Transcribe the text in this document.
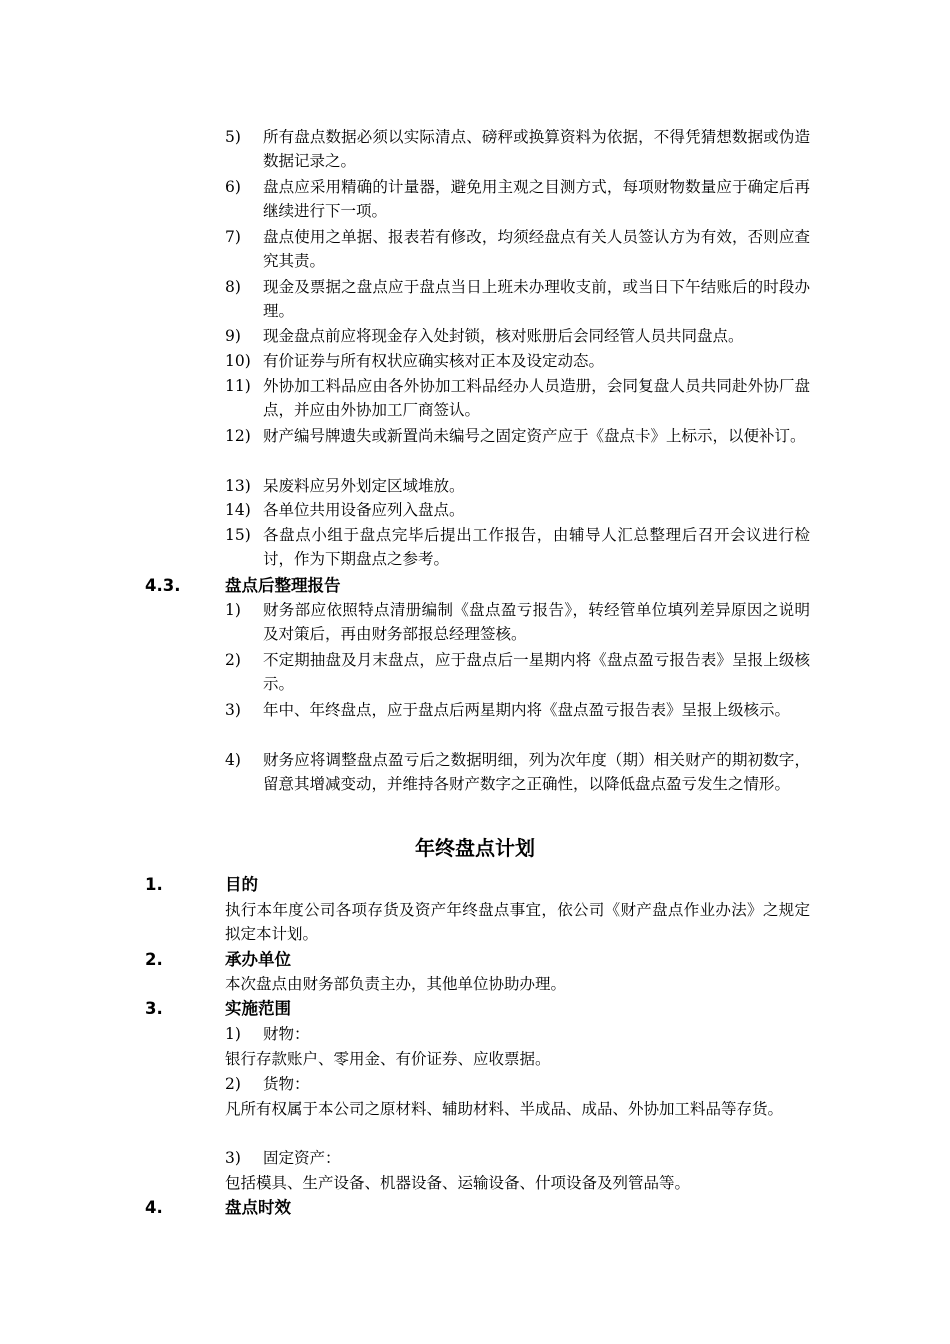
5)	所有盘点数据必须以实际清点、磅秤或换算资料为依据，不得凭猜想数据或伪造数据记录之。
6)	盘点应采用精确的计量器，避免用主观之目测方式，每项财物数量应于确定后再继续进行下一项。
7)	盘点使用之单据、报表若有修改，均须经盘点有关人员签认方为有效，否则应查究其责。
8)	现金及票据之盘点应于盘点当日上班未办理收支前，或当日下午结账后的时段办理。
9)	现金盘点前应将现金存入处封锁，核对账册后会同经管人员共同盘点。
10) 有价证券与所有权状应确实核对正本及设定动态。
11) 外协加工料品应由各外协加工料品经办人员造册，会同复盘人员共同赴外协厂盘点，并应由外协加工厂商签认。
12) 财产编号牌遗失或新置尚未编号之固定资产应于《盘点卡》上标示，以便补订。
13) 呆废料应另外划定区域堆放。
14) 各单位共用设备应列入盘点。
15) 各盘点小组于盘点完毕后提出工作报告，由辅导人汇总整理后召开会议进行检讨，作为下期盘点之参考。
4.3.	盘点后整理报告
1)	财务部应依照特点清册编制《盘点盈亏报告》，转经管单位填列差异原因之说明及对策后，再由财务部报总经理签核。
2)	不定期抽盘及月末盘点，应于盘点后一星期内将《盘点盈亏报告表》呈报上级核示。
3)	年中、年终盘点，应于盘点后两星期内将《盘点盈亏报告表》呈报上级核示。
4)	财务应将调整盘点盈亏后之数据明细，列为次年度（期）相关财产的期初数字，留意其增减变动，并维持各财产数字之正确性，以降低盘点盈亏发生之情形。
年终盘点计划
1.	目的
执行本年度公司各项存货及资产年终盘点事宜，依公司《财产盘点作业办法》之规定拟定本计划。
2.	承办单位
本次盘点由财务部负责主办，其他单位协助办理。
3.	实施范围
1) 财物：
银行存款账户、零用金、有价证券、应收票据。
2) 货物：
凡所有权属于本公司之原材料、辅助材料、半成品、成品、外协加工料品等存货。
3) 固定资产：
包括模具、生产设备、机器设备、运输设备、什项设备及列管品等。
4.	盘点时效
